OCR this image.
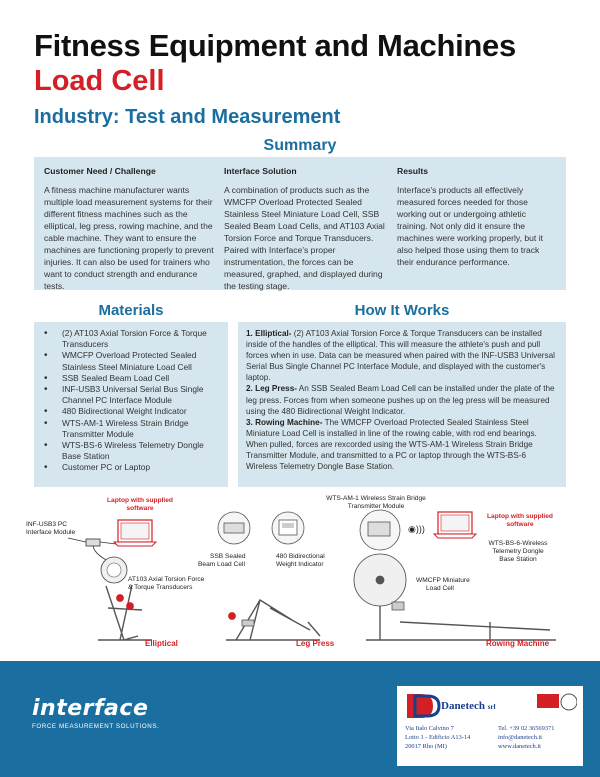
Fitness Equipment and Machines
Load Cell
Industry: Test and Measurement
Summary
Customer Need / Challenge
A fitness machine manufacturer wants multiple load measurement systems for their different fitness machines such as the elliptical, leg press, rowing machine, and the cable machine. They want to ensure the machines are functioning properly to prevent injuries. It can also be used for trainers who want to conduct strength and endurance tests.
Interface Solution
A combination of products such as the WMCFP Overload Protected Sealed Stainless Steel Miniature Load Cell, SSB Sealed Beam Load Cells, and AT103 Axial Torsion Force and Torque Transducers. Paired with Interface's proper instrumentation, the forces can be measured, graphed, and displayed during the testing stage.
Results
Interface's products all effectively measured forces needed for those working out or undergoing athletic training. Not only did it ensure the machines were working properly, but it also helped those using them to track their endurance performance.
Materials	How It Works
• (2) AT103 Axial Torsion Force & Torque Transducers
• WMCFP Overload Protected Sealed Stainless Steel Miniature Load Cell
• SSB Sealed Beam Load Cell
• INF-USB3 Universal Serial Bus Single Channel PC Interface Module
• 480 Bidirectional Weight Indicator
• WTS-AM-1 Wireless Strain Bridge Transmitter Module
• WTS-BS-6 Wireless Telemetry Dongle Base Station
• Customer PC or Laptop

1. Elliptical- (2) AT103 Axial Torsion Force & Torque Transducers can be installed inside of the handles of the elliptical. This will measure the athlete's push and pull forces when in use. Data can be measured when paired with the INF-USB3 Universal Serial Bus Single Channel PC Interface Module, and displayed with the customer's laptop.

2. Leg Press- An SSB Sealed Beam Load Cell can be installed under the plate of the leg press. Forces from when someone pushes up on the leg press will be measured using the 480 Bidirectional Weight Indicator.

3. Rowing Machine- The WMCFP Overload Protected Sealed Stainless Steel Miniature Load Cell is installed in line of the rowing cable, with rod end bearings. When pulled, forces are rexcorded using the WTS-AM-1 Wireless Strain Bridge Transmitter Module, and transmitted to a PC or laptop through the WTS-BS-6 Wireless Telemetry Dongle Base Station.

Laptop with supplied software
INF-USB3 PC Interface Module
AT103 Axial Torsion Force & Torque Transducers
Elliptical
SSB Sealed Beam Load Cell
480 Bidirectional Weight Indicator
Leg Press
WTS-AM-1 Wireless Strain Bridge Transmitter Module
◉)))
Laptop with supplied software
WTS-BS-6-Wireless Telemetry Dongle Base Station
WMCFP Miniature Load Cell
Rowing Machine
interface
FORCE MEASUREMENT SOLUTIONS.
Danetech srl
Via Italo Calvino 7
Lotto 1 - Edificio A13-14
20017 Rho (MI)
Tel. +39 02 36569371
info@danetech.it
www.danetech.it
